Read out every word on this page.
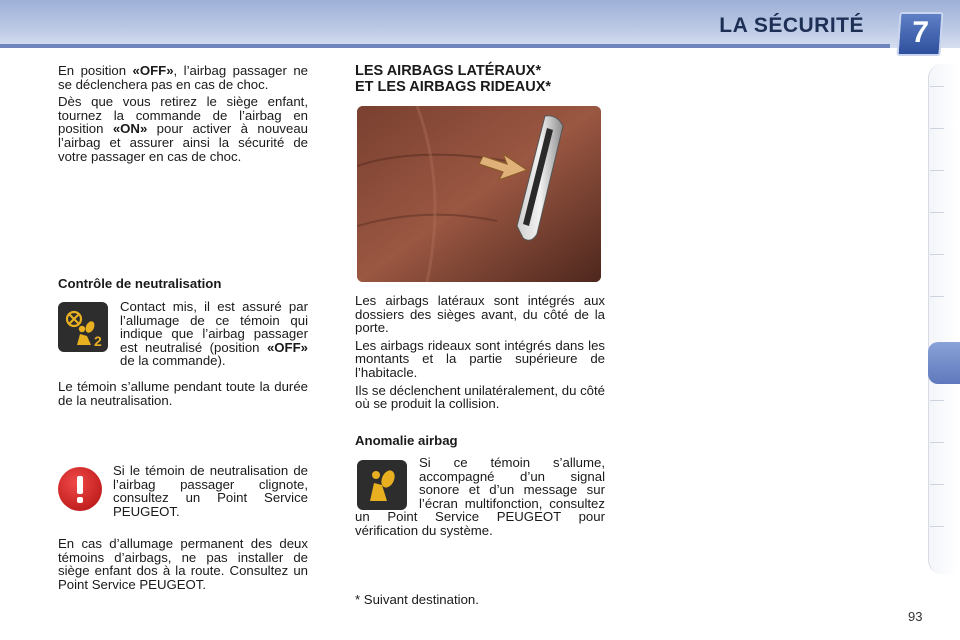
LA SÉCURITÉ	7

En position «OFF», l’airbag passager ne se déclenchera pas en cas de choc.

Dès que vous retirez le siège enfant, tournez la commande de l’airbag en position «ON» pour activer à nouveau l’airbag et assurer ainsi la sécurité de votre passager en cas de choc.

Contrôle de neutralisation
2

Contact mis, il est assuré par l’allumage de ce témoin qui indique que l’airbag passager est neutralisé (position «OFF» de la commande).

Le témoin s’allume pendant toute la durée de la neutralisation.

Si le témoin de neutralisation de l’airbag passager clignote, consultez un Point Service PEUGEOT.

En cas d’allumage permanent des deux témoins d’airbags, ne pas installer de siège enfant dos à la route. Consultez un Point Service PEUGEOT.

LES AIRBAGS LATÉRAUX*
ET LES AIRBAGS RIDEAUX*

Les airbags latéraux sont intégrés aux dossiers des sièges avant, du côté de la porte.

Les airbags rideaux sont intégrés dans les montants et la partie supérieure de l’habitacle.

Ils se déclenchent unilatéralement, du côté où se produit la collision.

Anomalie airbag

Si ce témoin s’allume, accompagné d’un signal sonore et d’un message sur l’écran multifonction, consultez un Point Service PEUGEOT pour vérification du système.

* Suivant destination.
93
